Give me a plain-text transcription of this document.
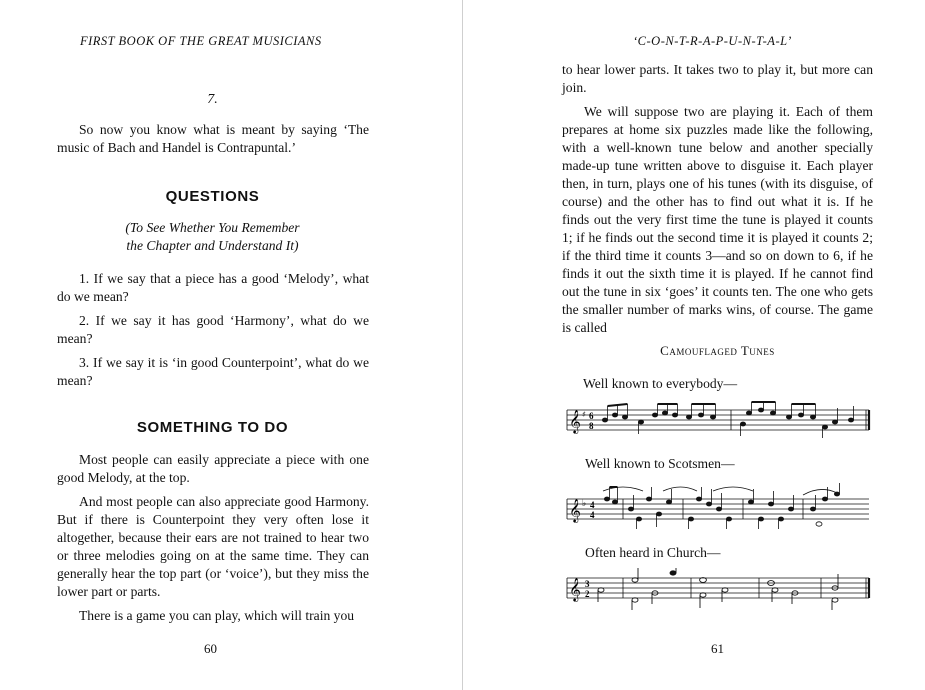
FIRST BOOK OF THE GREAT MUSICIANS
7.

So now you know what is meant by saying ‘The music of Bach and Handel is Contrapuntal.’

QUESTIONS
(To See Whether You Remember
the Chapter and Understand It)

1. If we say that a piece has a good ‘Melody’, what do we mean?

2. If we say it has good ‘Harmony’, what do we mean?

3. If we say it is ‘in good Counterpoint’, what do we mean?

SOMETHING TO DO

Most people can easily appreciate a piece with one good Melody, at the top.

And most people can also appreciate good Harmony. But if there is Counterpoint they very often lose it altogether, because their ears are not trained to hear two or three melodies going on at the same time. They can generally hear the top part (or ‘voice’), but they miss the lower part or parts.

There is a game you can play, which will train you

60
‘C-O-N-T-R-A-P-U-N-T-A-L’

to hear lower parts. It takes two to play it, but more can join.

We will suppose two are playing it. Each of them prepares at home six puzzles made like the following, with a well-known tune below and another specially made-up tune written above to disguise it. Each player then, in turn, plays one of his tunes (with its disguise, of course) and the other has to find out what it is. If he finds out the very first time the tune is played it counts 1; if he finds out the second time it is played it counts 2; if the third time it counts 3—and so on down to 6, if he finds it out the sixth time it is played. If he cannot find out the tune in six ‘goes’ it counts ten. The one who gets the smaller number of marks wins, of course. The game is called

Camouflaged Tunes
Well known to everybody—
𝄞 ♯ 6
8
Well known to Scotsmen—
𝄞 ♭ 4
4
Often heard in Church—
𝄞 3
2
61
